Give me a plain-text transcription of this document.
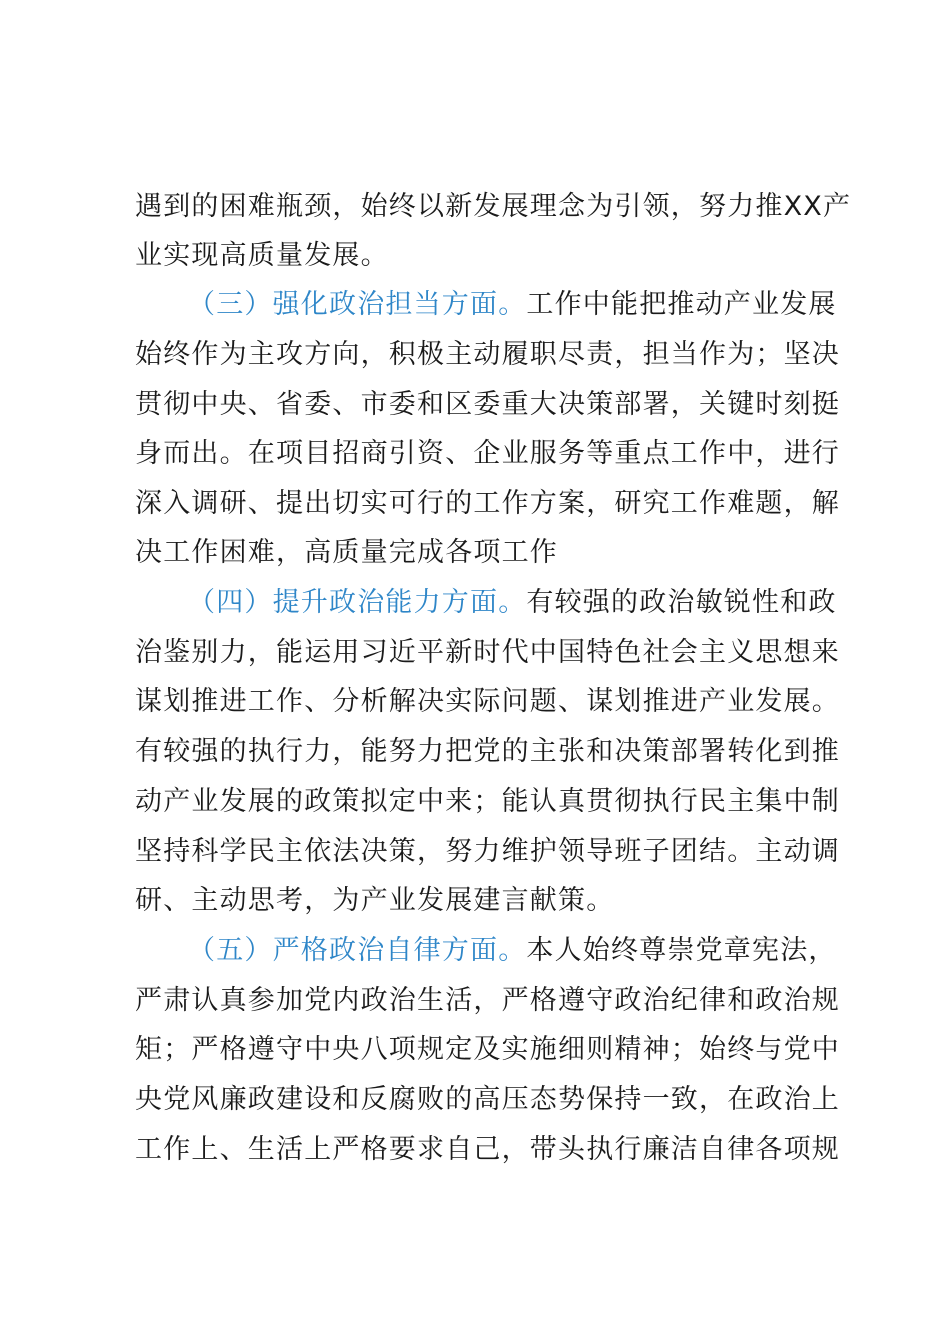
遇到的困难瓶颈，始终以新发展理念为引领，努力推XX产
业实现高质量发展。
（三）强化政治担当方面。工作中能把推动产业发展
始终作为主攻方向，积极主动履职尽责，担当作为；坚决
贯彻中央、省委、市委和区委重大决策部署，关键时刻挺
身而出。在项目招商引资、企业服务等重点工作中，进行
深入调研、提出切实可行的工作方案，研究工作难题，解
决工作困难，高质量完成各项工作
（四）提升政治能力方面。有较强的政治敏锐性和政
治鉴别力，能运用习近平新时代中国特色社会主义思想来
谋划推进工作、分析解决实际问题、谋划推进产业发展。
有较强的执行力，能努力把党的主张和决策部署转化到推
动产业发展的政策拟定中来；能认真贯彻执行民主集中制
坚持科学民主依法决策，努力维护领导班子团结。主动调
研、主动思考，为产业发展建言献策。
（五）严格政治自律方面。本人始终尊崇党章宪法，
严肃认真参加党内政治生活，严格遵守政治纪律和政治规
矩；严格遵守中央八项规定及实施细则精神；始终与党中
央党风廉政建设和反腐败的高压态势保持一致，在政治上
工作上、生活上严格要求自己，带头执行廉洁自律各项规
